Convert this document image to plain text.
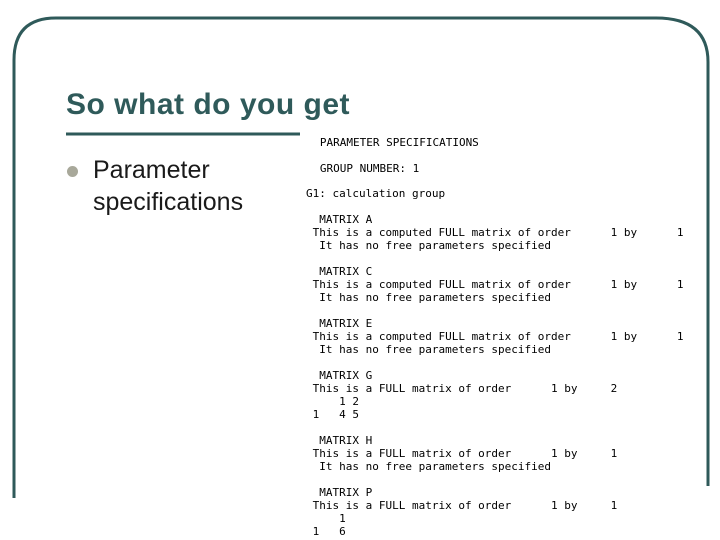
So what do you get
Parameter specifications
PARAMETER SPECIFICATIONS

GROUP NUMBER: 1
G1: calculation group

MATRIX A
This is a computed FULL matrix of order      1 by      1
It has no free parameters specified

MATRIX C
This is a computed FULL matrix of order      1 by      1
It has no free parameters specified

MATRIX E
This is a computed FULL matrix of order      1 by      1
It has no free parameters specified

MATRIX G
This is a FULL matrix of order      1 by     2
1 2
1   4 5

MATRIX H
This is a FULL matrix of order      1 by     1
It has no free parameters specified

MATRIX P
This is a FULL matrix of order      1 by     1
1
1   6
